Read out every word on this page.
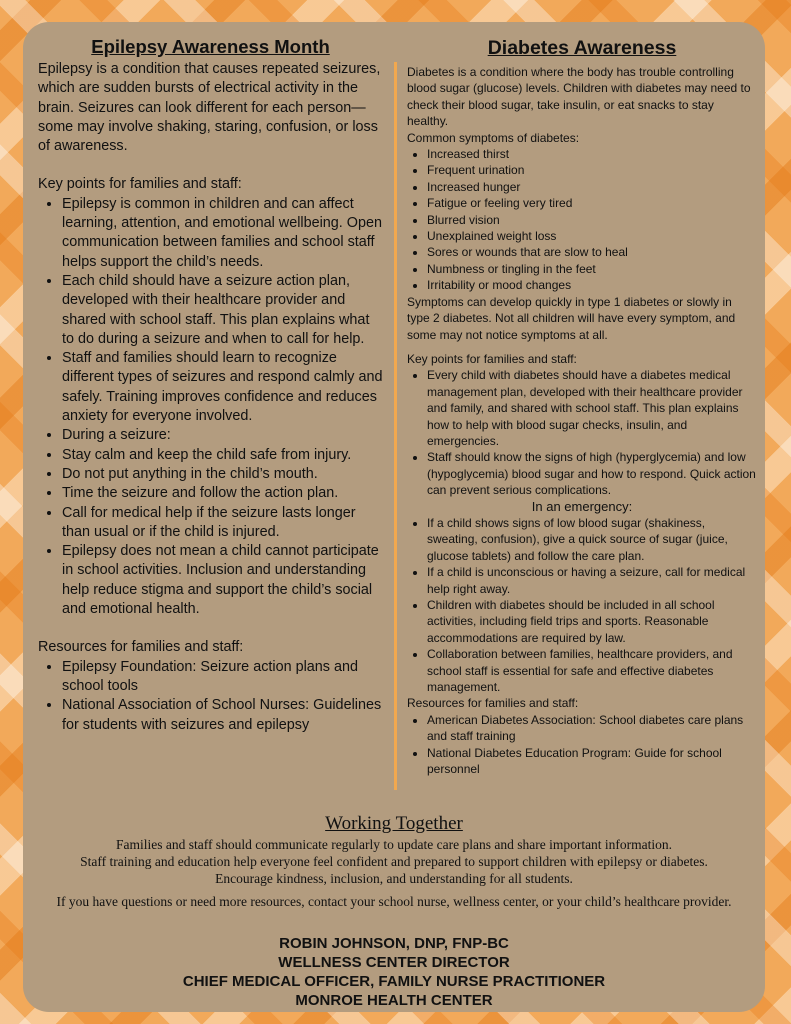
Epilepsy Awareness Month

Epilepsy is a condition that causes repeated seizures, which are sudden bursts of electrical activity in the brain. Seizures can look different for each person—some may involve shaking, staring, confusion, or loss of awareness.

Key points for families and staff:

• Epilepsy is common in children and can affect learning, attention, and emotional wellbeing. Open communication between families and school staff helps support the child’s needs.
• Each child should have a seizure action plan, developed with their healthcare provider and shared with school staff. This plan explains what to do during a seizure and when to call for help.
• Staff and families should learn to recognize different types of seizures and respond calmly and safely. Training improves confidence and reduces anxiety for everyone involved.
• During a seizure:
• Stay calm and keep the child safe from injury.
• Do not put anything in the child’s mouth.
• Time the seizure and follow the action plan.
• Call for medical help if the seizure lasts longer than usual or if the child is injured.
• Epilepsy does not mean a child cannot participate in school activities. Inclusion and understanding help reduce stigma and support the child’s social and emotional health.

Resources for families and staff:

• Epilepsy Foundation: Seizure action plans and school tools
• National Association of School Nurses: Guidelines for students with seizures and epilepsy
Diabetes Awareness

Diabetes is a condition where the body has trouble controlling blood sugar (glucose) levels. Children with diabetes may need to check their blood sugar, take insulin, or eat snacks to stay healthy.

Common symptoms of diabetes:

• Increased thirst
• Frequent urination
• Increased hunger
• Fatigue or feeling very tired
• Blurred vision
• Unexplained weight loss
• Sores or wounds that are slow to heal
• Numbness or tingling in the feet
• Irritability or mood changes

Symptoms can develop quickly in type 1 diabetes or slowly in type 2 diabetes. Not all children will have every symptom, and some may not notice symptoms at all.

Key points for families and staff:

• Every child with diabetes should have a diabetes medical management plan, developed with their healthcare provider and family, and shared with school staff. This plan explains how to help with blood sugar checks, insulin, and emergencies.
• Staff should know the signs of high (hyperglycemia) and low (hypoglycemia) blood sugar and how to respond. Quick action can prevent serious complications.

In an emergency:

• If a child shows signs of low blood sugar (shakiness, sweating, confusion), give a quick source of sugar (juice, glucose tablets) and follow the care plan.
• If a child is unconscious or having a seizure, call for medical help right away.
• Children with diabetes should be included in all school activities, including field trips and sports. Reasonable accommodations are required by law.
• Collaboration between families, healthcare providers, and school staff is essential for safe and effective diabetes management.

Resources for families and staff:

• American Diabetes Association: School diabetes care plans and staff training
• National Diabetes Education Program: Guide for school personnel
Working Together
Families and staff should communicate regularly to update care plans and share important information.
Staff training and education help everyone feel confident and prepared to support children with epilepsy or diabetes.
Encourage kindness, inclusion, and understanding for all students.
If you have questions or need more resources, contact your school nurse, wellness center, or your child’s healthcare provider.
ROBIN JOHNSON, DNP, FNP-BC
WELLNESS CENTER DIRECTOR
CHIEF MEDICAL OFFICER, FAMILY NURSE PRACTITIONER
MONROE HEALTH CENTER
